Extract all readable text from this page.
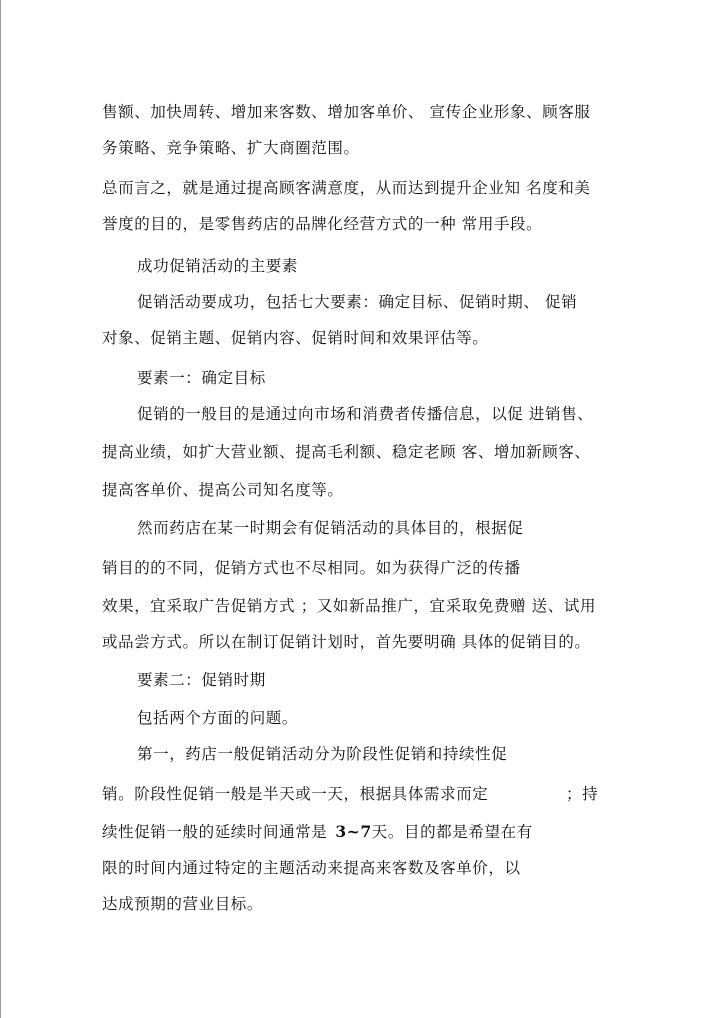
售额、加快周转、增加来客数、增加客单价、 宣传企业形象、顾客服
务策略、竞争策略、扩大商圈范围。
总而言之，就是通过提高顾客满意度，从而达到提升企业知 名度和美
誉度的目的，是零售药店的品牌化经营方式的一种 常用手段。
成功促销活动的主要素
促销活动要成功，包括七大要素：确定目标、促销时期、 促销
对象、促销主题、促销内容、促销时间和效果评估等。
要素一：确定目标
促销的一般目的是通过向市场和消费者传播信息，以促 进销售、
提高业绩，如扩大营业额、提高毛利额、稳定老顾 客、增加新顾客、
提高客单价、提高公司知名度等。
然而药店在某一时期会有促销活动的具体目的，根据促
销目的的不同，促销方式也不尽相同。如为获得广泛的传播
效果，宜采取广告促销方式 ；又如新品推广，宜采取免费赠 送、试用
或品尝方式。所以在制订促销计划时，首先要明确 具体的促销目的。
要素二：促销时期
包括两个方面的问题。
第一，药店一般促销活动分为阶段性促销和持续性促
销。阶段性促销一般是半天或一天，根据具体需求而定	；持
续性促销一般的延续时间通常是 3~7天。目的都是希望在有
限的时间内通过特定的主题活动来提高来客数及客单价，以
达成预期的营业目标。
